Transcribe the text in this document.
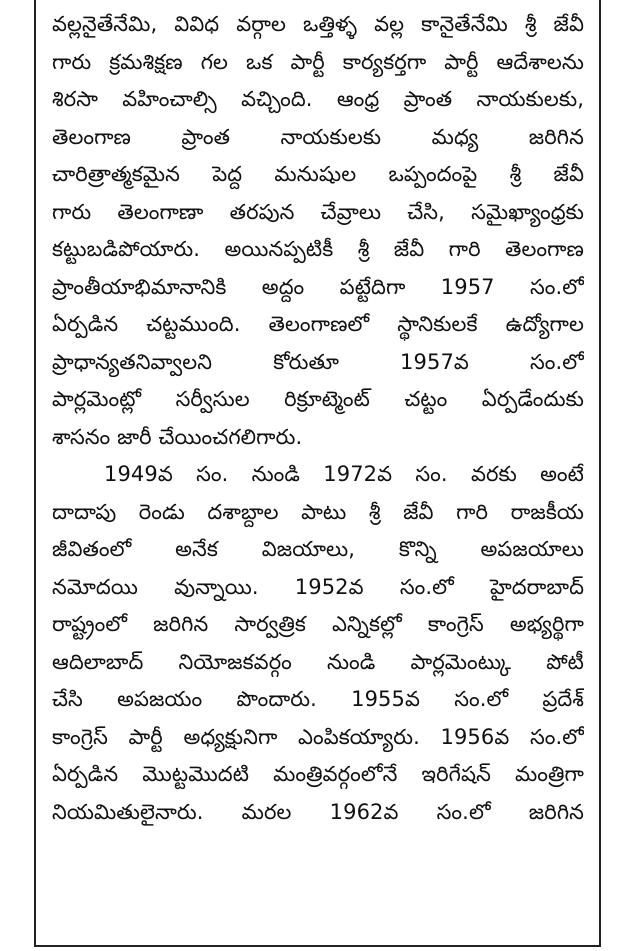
వల్లనైతేనేమి, వివిధ వర్గాల ఒత్తిళ్ళ వల్ల కానైతేనేమి శ్రీ జేవీ
గారు క్రమశిక్షణ గల ఒక పార్టీ కార్యకర్తగా పార్టీ ఆదేశాలను
శిరసా వహించాల్సి వచ్చింది. ఆంధ్ర ప్రాంత నాయకులకు,
తెలంగాణ ప్రాంత నాయకులకు మధ్య జరిగిన
చారిత్రాత్మకమైన పెద్ద మనుషుల ఒప్పందంపై శ్రీ జేవీ
గారు తెలంగాణా తరపున చేవ్రాలు చేసి, సమైఖ్యాంధ్రకు
కట్టుబడిపోయారు. అయినప్పటికీ శ్రీ జేవీ గారి తెలంగాణ
ప్రాంతీయాభిమానానికి అద్దం పట్టేదిగా 1957 సం.లో
ఏర్పడిన చట్టముంది. తెలంగాణలో స్థానికులకే ఉద్యోగాల
ప్రాధాన్యతనివ్వాలని కోరుతూ 1957వ సం.లో
పార్లమెంట్లో సర్వీసుల రిక్రూట్మెంట్ చట్టం ఏర్పడేందుకు
శాసనం జారీ చేయించగలిగారు.
1949వ సం. నుండి 1972వ సం. వరకు అంటే
దాదాపు రెండు దశాబ్దాల పాటు శ్రీ జేవీ గారి రాజకీయ
జీవితంలో అనేక విజయాలు, కొన్ని అపజయాలు
నమోదయి వున్నాయి. 1952వ సం.లో హైదరాబాద్
రాష్ట్రంలో జరిగిన సార్వత్రిక ఎన్నికల్లో కాంగ్రెస్ అభ్యర్థిగా
ఆదిలాబాద్ నియోజకవర్గం నుండి పార్లమెంట్కు పోటీ
చేసి అపజయం పొందారు. 1955వ సం.లో ప్రదేశ్
కాంగ్రెస్ పార్టీ అధ్యక్షునిగా ఎంపికయ్యారు. 1956వ సం.లో
ఏర్పడిన మొట్టమొదటి మంత్రివర్గంలోనే ఇరిగేషన్ మంత్రిగా
నియమితులైనారు. మరల 1962వ సం.లో జరిగిన
